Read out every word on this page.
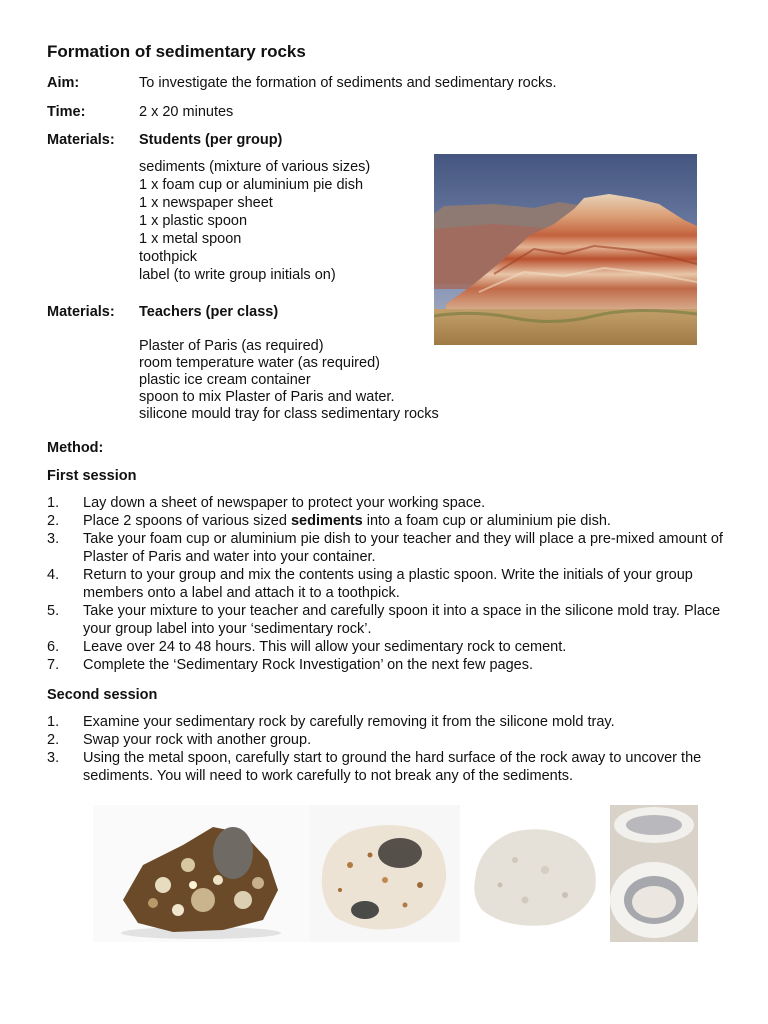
Formation of sedimentary rocks
Aim:	To investigate the formation of sediments and sedimentary rocks.
Time:	2 x 20 minutes
Materials: Students (per group)
sediments (mixture of various sizes)
1 x foam cup or aluminium pie dish
1 x newspaper sheet
1 x plastic spoon
1 x metal spoon
toothpick
label (to write group initials on)
Materials: Teachers (per class)
Plaster of Paris (as required)
room temperature water (as required)
plastic ice cream container
spoon to mix Plaster of Paris and water.
silicone mould tray for class sedimentary rocks
Method:
First session
1. Lay down a sheet of newspaper to protect your working space.
2. Place 2 spoons of various sized sediments into a foam cup or aluminium pie dish.
3. Take your foam cup or aluminium pie dish to your teacher and they will place a pre-mixed amount of Plaster of Paris and water into your container.
4. Return to your group and mix the contents using a plastic spoon. Write the initials of your group members onto a label and attach it to a toothpick.
5. Take your mixture to your teacher and carefully spoon it into a space in the silicone mold tray. Place your group label into your ‘sedimentary rock’.
6. Leave over 24 to 48 hours. This will allow your sedimentary rock to cement.
7. Complete the ‘Sedimentary Rock Investigation’ on the next few pages.
Second session
1. Examine your sedimentary rock by carefully removing it from the silicone mold tray.
2. Swap your rock with another group.
3. Using the metal spoon, carefully start to ground the hard surface of the rock away to uncover the sediments. You will need to work carefully to not break any of the sediments.
